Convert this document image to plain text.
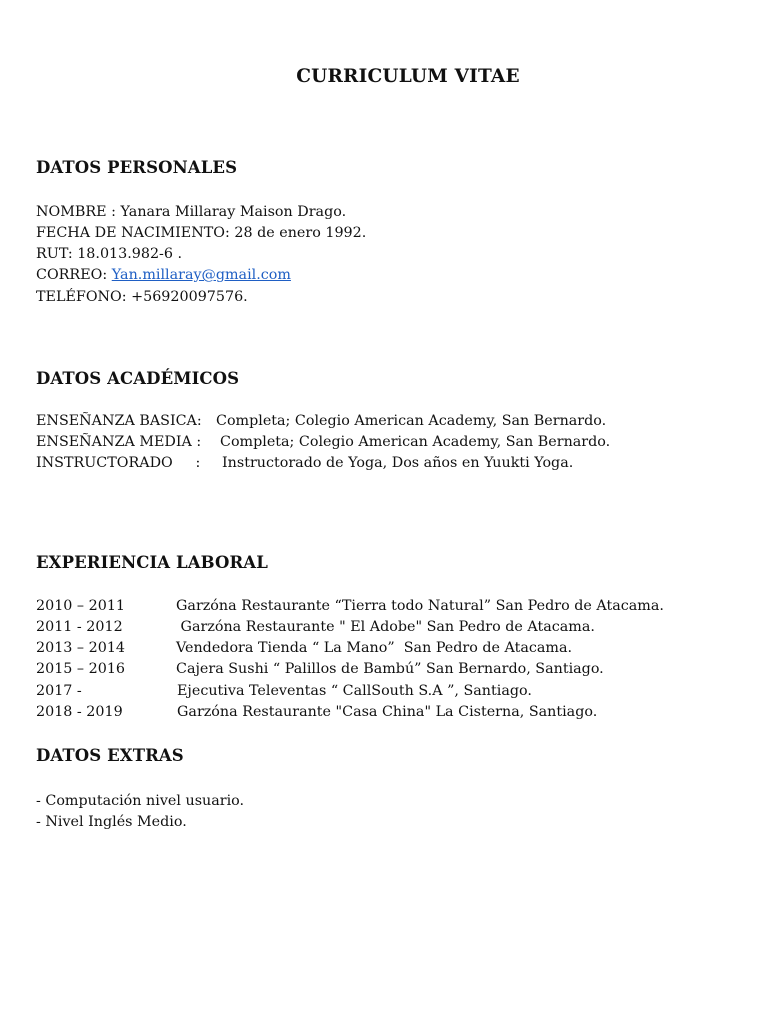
CURRICULUM VITAE
DATOS PERSONALES
NOMBRE : Yanara Millaray Maison Drago.
FECHA DE NACIMIENTO: 28 de enero 1992.
RUT: 18.013.982-6 .
CORREO: Yan.millaray@gmail.com
TELÉFONO: +56920097576.
DATOS ACADÉMICOS
ENSEÑANZA BASICA: Completa; Colegio American Academy, San Bernardo.
ENSEÑANZA MEDIA : Completa; Colegio American Academy, San Bernardo.
INSTRUCTORADO     : Instructorado de Yoga, Dos años en Yuukti Yoga.
EXPERIENCIA LABORAL
2010 – 2011	Garzóna Restaurante “Tierra todo Natural” San Pedro de Atacama.
2011 - 2012	Garzóna Restaurante " El Adobe" San Pedro de Atacama.
2013 – 2014	Vendedora Tienda “ La Mano”  San Pedro de Atacama.
2015 – 2016	Cajera Sushi “ Palillos de Bambú” San Bernardo, Santiago.
2017 -	Ejecutiva Televentas “ CallSouth S.A ”, Santiago.
2018 - 2019	Garzóna Restaurante "Casa China" La Cisterna, Santiago.
DATOS EXTRAS
- Computación nivel usuario.
- Nivel Inglés Medio.
